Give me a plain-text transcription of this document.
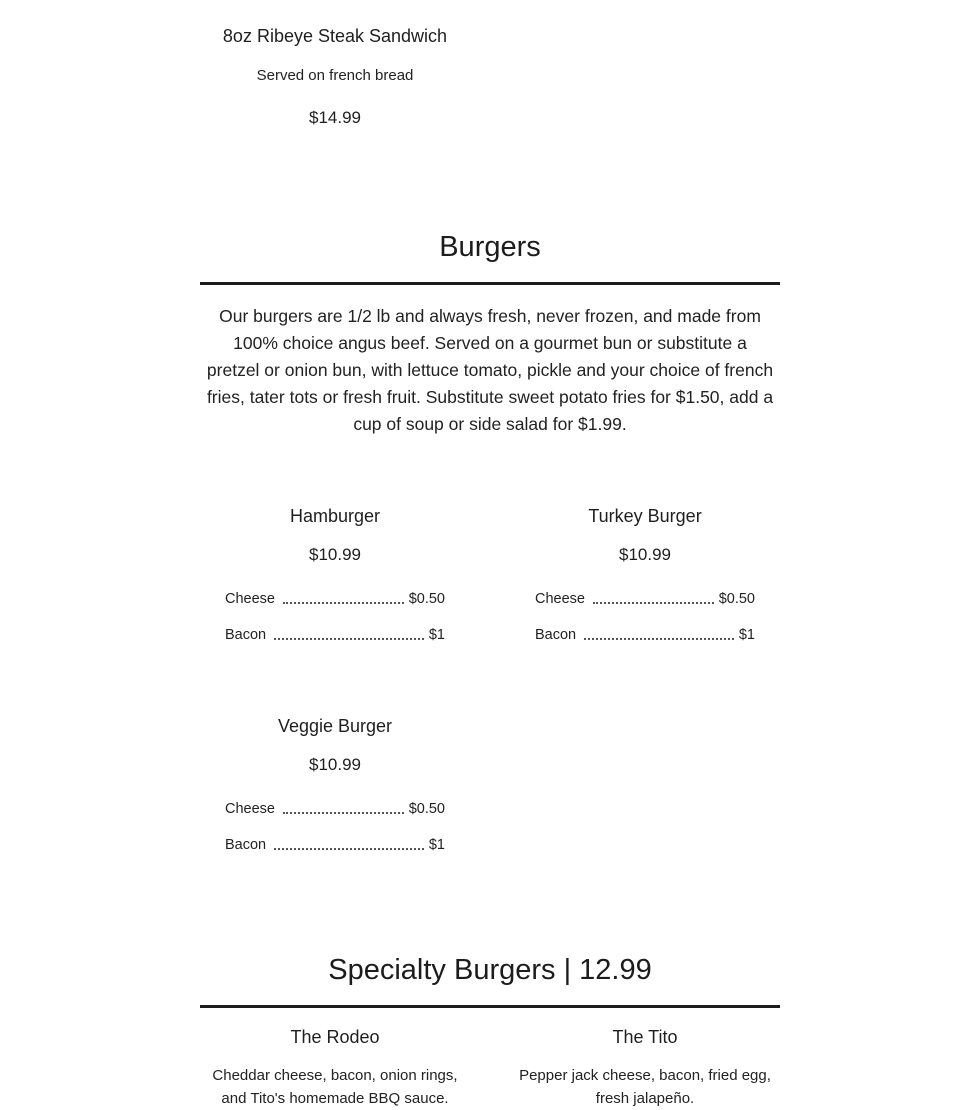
8oz Ribeye Steak Sandwich
Served on french bread
$14.99
Burgers
Our burgers are 1/2 lb and always fresh, never frozen, and made from 100% choice angus beef. Served on a gourmet bun or substitute a pretzel or onion bun, with lettuce tomato, pickle and your choice of french fries, tater tots or fresh fruit. Substitute sweet potato fries for $1.50, add a cup of soup or side salad for $1.99.
Hamburger
$10.99
Cheese	$0.50
Bacon	$1
Turkey Burger
$10.99
Cheese	$0.50
Bacon	$1
Veggie Burger
$10.99
Cheese	$0.50
Bacon	$1
Specialty Burgers | 12.99
The Rodeo
Cheddar cheese, bacon, onion rings, and Tito's homemade BBQ sauce.
The Tito
Pepper jack cheese, bacon, fried egg, fresh jalapeño.
